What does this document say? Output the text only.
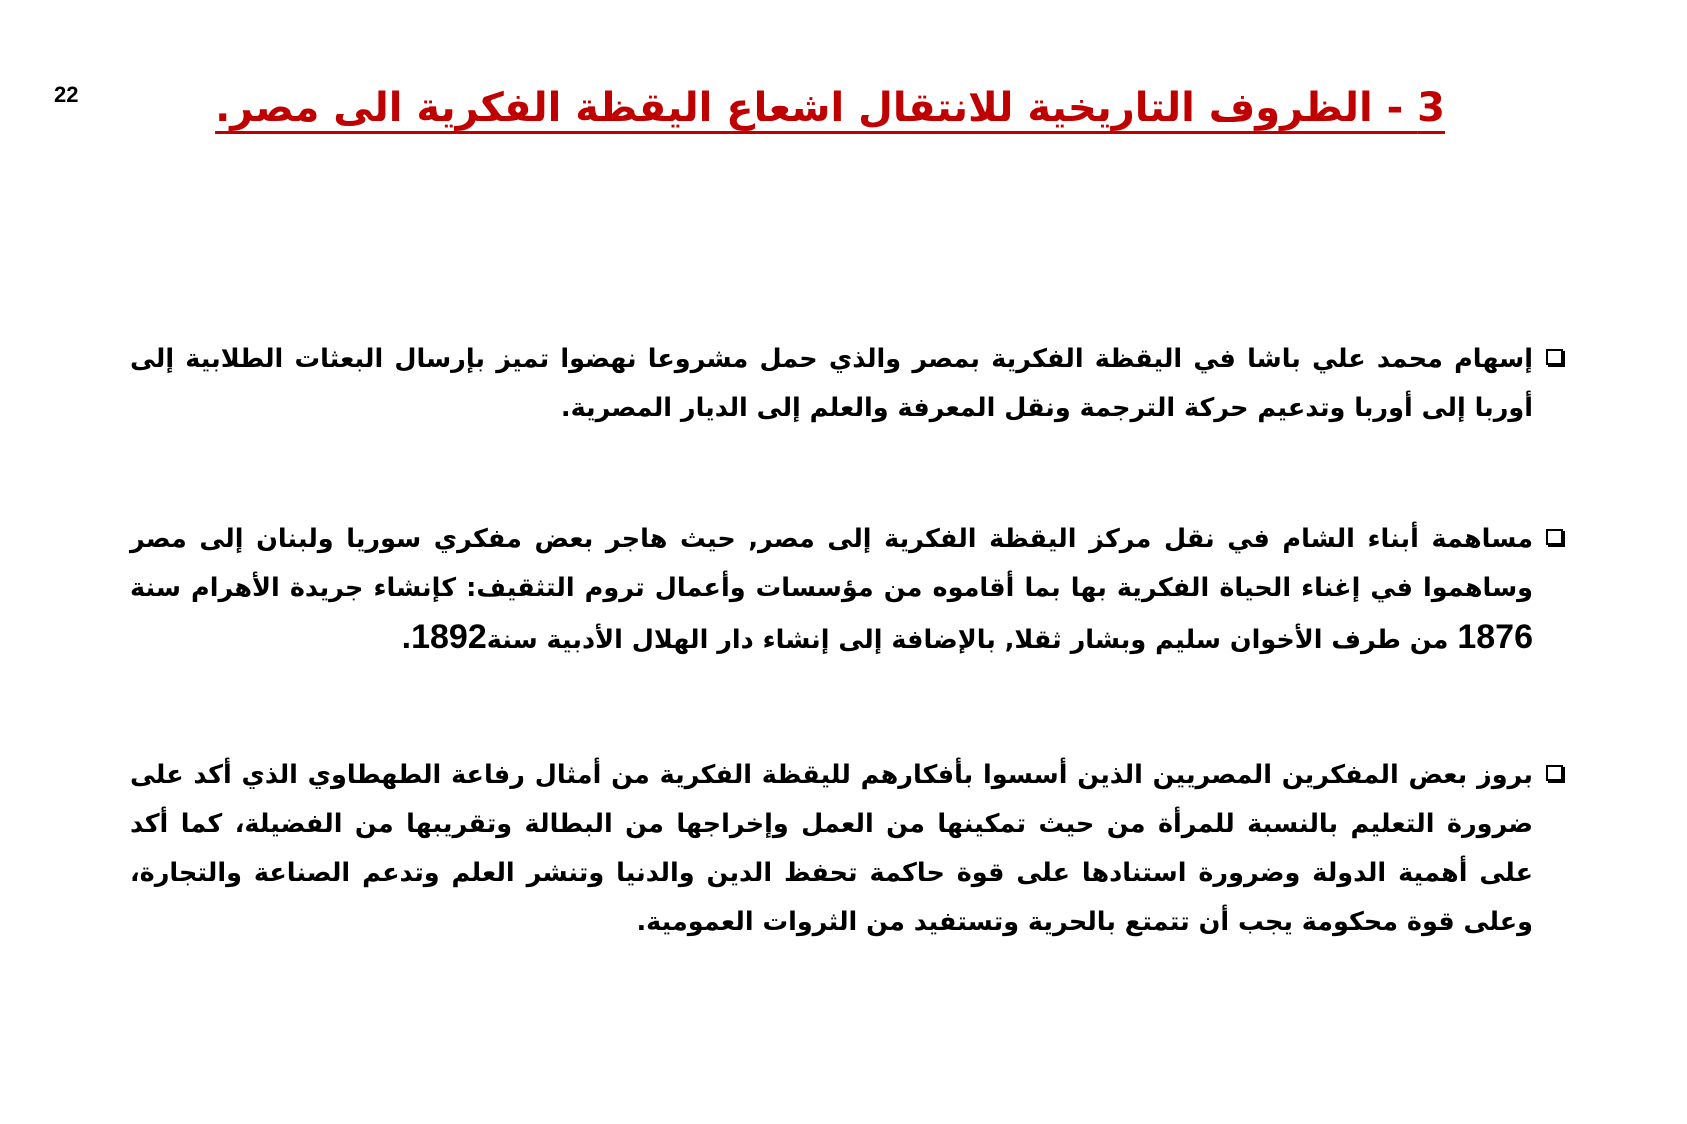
22	3 - الظروف التاريخية للانتقال اشعاع اليقظة الفكرية الى مصر.

إسهام محمد علي باشا في اليقظة الفكرية بمصر والذي حمل مشروعا نهضوا تميز بإرسال البعثات الطلابية إلى أوربا إلى أوربا وتدعيم حركة الترجمة ونقل المعرفة والعلم إلى الديار المصرية.

مساهمة أبناء الشام في نقل مركز اليقظة الفكرية إلى مصر, حيث هاجر بعض مفكري سوريا ولبنان إلى مصر وساهموا في إغناء الحياة الفكرية بها بما أقاموه من مؤسسات وأعمال تروم التثقيف: كإنشاء جريدة الأهرام سنة 1876 من طرف الأخوان سليم وبشار ثقلا, بالإضافة إلى إنشاء دار الهلال الأدبية سنة1892.

بروز بعض المفكرين المصريين الذين أسسوا بأفكارهم لليقظة الفكرية من أمثال رفاعة الطهطاوي الذي أكد على ضرورة التعليم بالنسبة للمرأة من حيث تمكينها من العمل وإخراجها من البطالة وتقريبها من الفضيلة، كما أكد على أهمية الدولة وضرورة استنادها على قوة حاكمة تحفظ الدين والدنيا وتنشر العلم وتدعم الصناعة والتجارة، وعلى قوة محكومة يجب أن تتمتع بالحرية وتستفيد من الثروات العمومية.
